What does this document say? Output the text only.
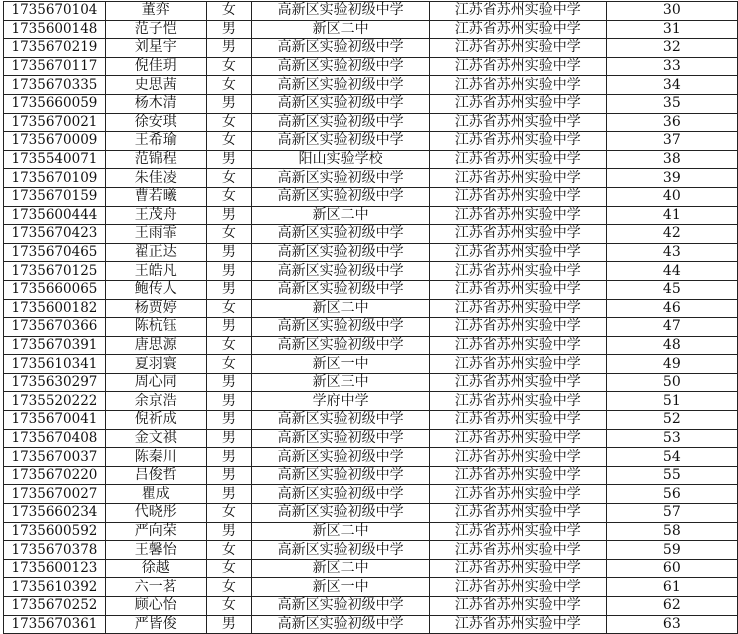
1735670104	董弈	女	高新区实验初级中学	江苏省苏州实验中学	30
1735600148	范子恺	男	新区二中	江苏省苏州实验中学	31
1735670219	刘星宇	男	高新区实验初级中学	江苏省苏州实验中学	32
1735670117	倪佳玥	女	高新区实验初级中学	江苏省苏州实验中学	33
1735670335	史思茜	女	高新区实验初级中学	江苏省苏州实验中学	34
1735660059	杨木清	男	高新区实验初级中学	江苏省苏州实验中学	35
1735670021	徐安琪	女	高新区实验初级中学	江苏省苏州实验中学	36
1735670009	王希瑜	女	高新区实验初级中学	江苏省苏州实验中学	37
1735540071	范锦程	男	阳山实验学校	江苏省苏州实验中学	38
1735670109	朱佳凌	女	高新区实验初级中学	江苏省苏州实验中学	39
1735670159	曹若曦	女	高新区实验初级中学	江苏省苏州实验中学	40
1735600444	王茂舟	男	新区二中	江苏省苏州实验中学	41
1735670423	王雨霏	女	高新区实验初级中学	江苏省苏州实验中学	42
1735670465	翟正达	男	高新区实验初级中学	江苏省苏州实验中学	43
1735670125	王皓凡	男	高新区实验初级中学	江苏省苏州实验中学	44
1735660065	鲍传人	男	高新区实验初级中学	江苏省苏州实验中学	45
1735600182	杨贾婷	女	新区二中	江苏省苏州实验中学	46
1735670366	陈杭钰	男	高新区实验初级中学	江苏省苏州实验中学	47
1735670391	唐思源	女	高新区实验初级中学	江苏省苏州实验中学	48
1735610341	夏羽寰	女	新区一中	江苏省苏州实验中学	49
1735630297	周心同	男	新区三中	江苏省苏州实验中学	50
1735520222	余京浩	男	学府中学	江苏省苏州实验中学	51
1735670041	倪祈成	男	高新区实验初级中学	江苏省苏州实验中学	52
1735670408	金文祺	男	高新区实验初级中学	江苏省苏州实验中学	53
1735670037	陈秦川	男	高新区实验初级中学	江苏省苏州实验中学	54
1735670220	吕俊哲	男	高新区实验初级中学	江苏省苏州实验中学	55
1735670027	瞿成	男	高新区实验初级中学	江苏省苏州实验中学	56
1735660234	代晓彤	女	高新区实验初级中学	江苏省苏州实验中学	57
1735600592	严向荣	男	新区二中	江苏省苏州实验中学	58
1735670378	王馨怡	女	高新区实验初级中学	江苏省苏州实验中学	59
1735600123	徐越	女	新区二中	江苏省苏州实验中学	60
1735610392	六一茗	女	新区一中	江苏省苏州实验中学	61
1735670252	顾心怡	女	高新区实验初级中学	江苏省苏州实验中学	62
1735670361	严皆俊	男	高新区实验初级中学	江苏省苏州实验中学	63
